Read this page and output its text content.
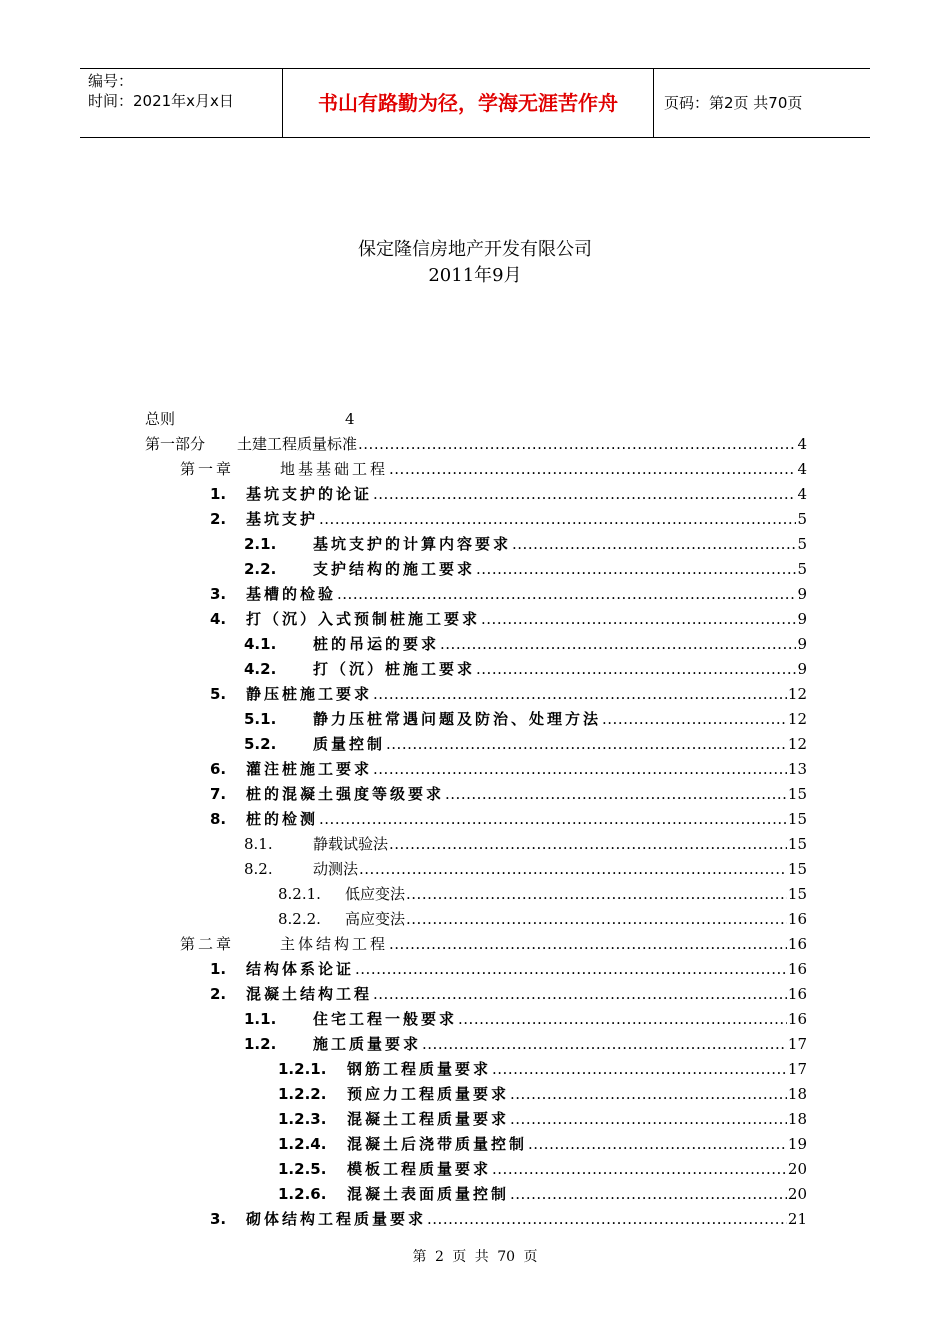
编号：
时间：2021年x月x日	书山有路勤为径，学海无涯苦作舟	页码：第2页 共70页
保定隆信房地产开发有限公司
2011年9月
总则	4
第一部分	土建工程质量标准 .....	4
第一章	地基基础工程 .....	4
1.	基坑支护的论证 .....	4
2.	基坑支护 .....	5
2.1.	基坑支护的计算内容要求 .....	5
2.2.	支护结构的施工要求 .....	5
3.	基槽的检验 .....	9
4.	打（沉）入式预制桩施工要求 .....	9
4.1.	桩的吊运的要求 .....	9
4.2.	打（沉）桩施工要求 .....	9
5.	静压桩施工要求 .....	12
5.1.	静力压桩常遇问题及防治、处理方法 .....	12
5.2.	质量控制 .....	12
6.	灌注桩施工要求 .....	13
7.	桩的混凝土强度等级要求 .....	15
8.	桩的检测 .....	15
8.1.	静载试验法 .....	15
8.2.	动测法 .....	15
8.2.1.	低应变法 .....	15
8.2.2.	高应变法 .....	16
第二章	主体结构工程 .....	16
1.	结构体系论证 .....	16
2.	混凝土结构工程 .....	16
1.1.	住宅工程一般要求 .....	16
1.2.	施工质量要求 .....	17
1.2.1.	钢筋工程质量要求 .....	17
1.2.2.	预应力工程质量要求 .....	18
1.2.3.	混凝土工程质量要求 .....	18
1.2.4.	混凝土后浇带质量控制 .....	19
1.2.5.	模板工程质量要求 .....	20
1.2.6.	混凝土表面质量控制 .....	20
3.	砌体结构工程质量要求 .....	21
第 2 页 共 70 页
